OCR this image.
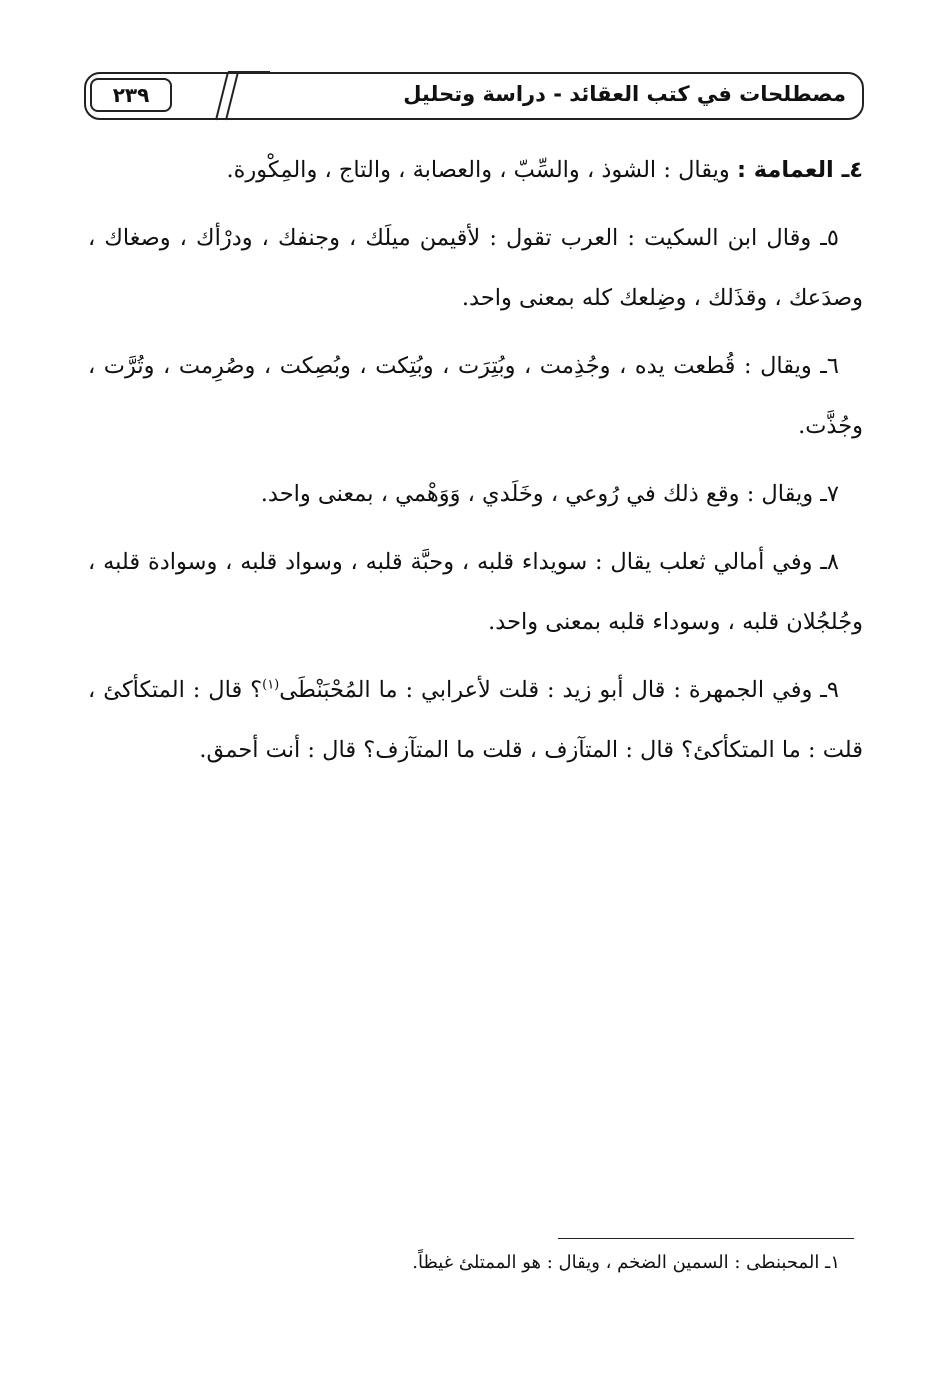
٢٣٩	مصطلحات في كتب العقائد - دراسة وتحليل

٤ـ العمامة : ويقال : الشوذ ، والسِّبّ ، والعصابة ، والتاج ، والمِكْورة.

٥ـ وقال ابن السكيت : العرب تقول : لأقيمن ميلَك ، وجنفك ، ودرْأك ، وصغاك ، وصدَعك ، وقذَلك ، وضِلعك كله بمعنى واحد.

٦ـ ويقال : قُطعت يده ، وجُذِمت ، وبُتِرَت ، وبُتِكت ، وبُصِكت ، وصُرِمت ، وتُرَّت ، وجُذَّت.

٧ـ ويقال : وقع ذلك في رُوعي ، وخَلَدي ، وَوَهْمي ، بمعنى واحد.

٨ـ وفي أمالي ثعلب يقال : سويداء قلبه ، وحبَّة قلبه ، وسواد قلبه ، وسوادة قلبه ، وجُلجُلان قلبه ، وسوداء قلبه بمعنى واحد.

٩ـ وفي الجمهرة : قال أبو زيد : قلت لأعرابي : ما المُحْبَنْطَى$^{(١)}$؟ قال : المتكأكئ ، قلت : ما المتكأكئ؟ قال : المتآزف ، قلت ما المتآزف؟ قال : أنت أحمق.

١ـ المحبنطى : السمين الضخم ، ويقال : هو الممتلئ غيظاً.
